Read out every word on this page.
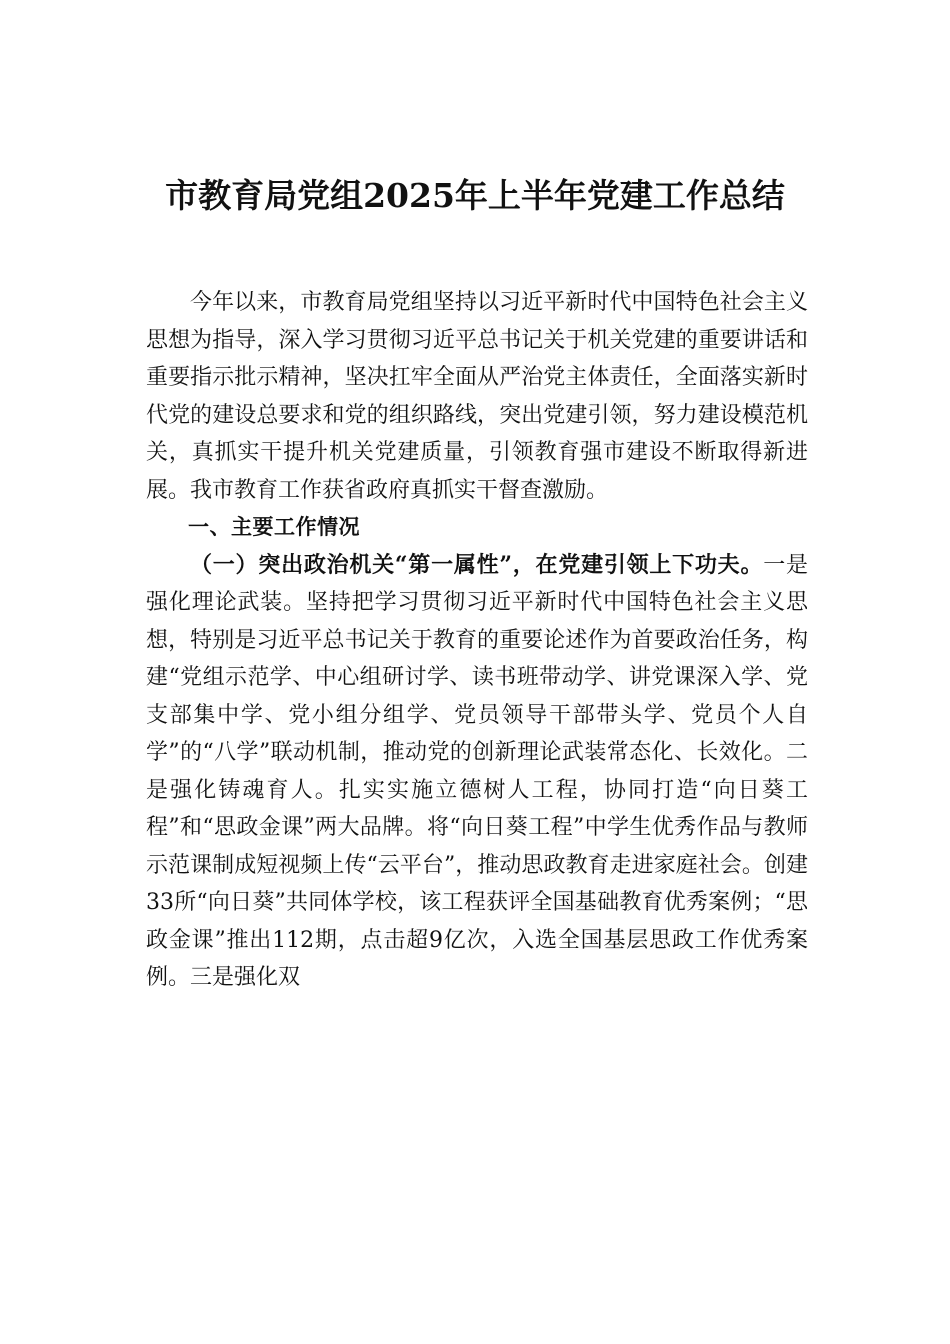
市教育局党组2025年上半年党建工作总结

今年以来，市教育局党组坚持以习近平新时代中国特色社会主义思想为指导，深入学习贯彻习近平总书记关于机关党建的重要讲话和重要指示批示精神，坚决扛牢全面从严治党主体责任，全面落实新时代党的建设总要求和党的组织路线，突出党建引领，努力建设模范机关，真抓实干提升机关党建质量，引领教育强市建设不断取得新进展。我市教育工作获省政府真抓实干督查激励。

一、主要工作情况

（一）突出政治机关“第一属性”，在党建引领上下功夫。一是强化理论武装。坚持把学习贯彻习近平新时代中国特色社会主义思想，特别是习近平总书记关于教育的重要论述作为首要政治任务，构建“党组示范学、中心组研讨学、读书班带动学、讲党课深入学、党支部集中学、党小组分组学、党员领导干部带头学、党员个人自学”的“八学”联动机制，推动党的创新理论武装常态化、长效化。二是强化铸魂育人。扎实实施立德树人工程，协同打造“向日葵工程”和“思政金课”两大品牌。将“向日葵工程”中学生优秀作品与教师示范课制成短视频上传“云平台”，推动思政教育走进家庭社会。创建33所“向日葵”共同体学校，该工程获评全国基础教育优秀案例；“思政金课”推出112期，点击超9亿次，入选全国基层思政工作优秀案例。三是强化双
